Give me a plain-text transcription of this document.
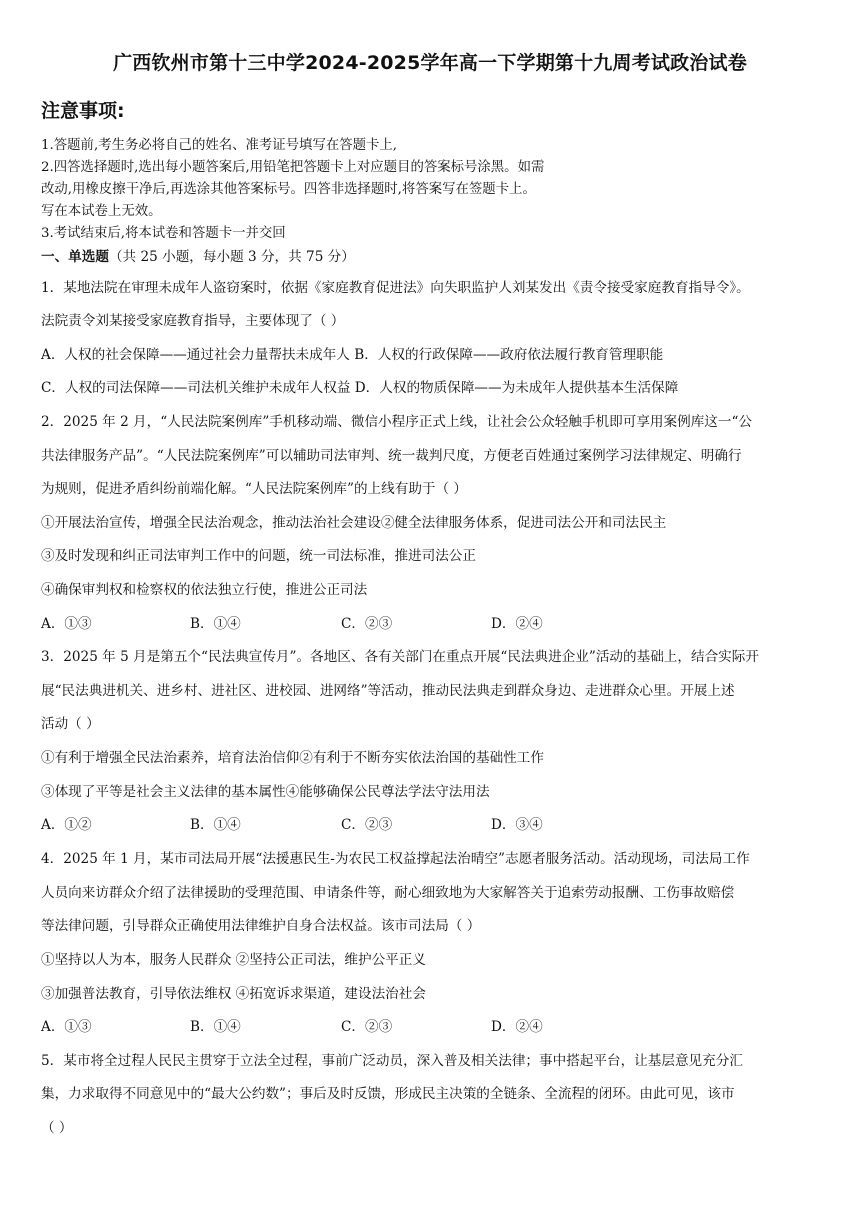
广西钦州市第十三中学2024-2025学年高一下学期第十九周考试政治试卷
注意事项:
1.答题前,考生务必将自己的姓名、准考证号填写在答题卡上,
2.四答选择题时,选出每小题答案后,用铅笔把答题卡上对应题目的答案标号涂黑。如需
改动,用橡皮擦干净后,再选涂其他答案标号。四答非选择题时,将答案写在签题卡上。
写在本试卷上无效。
3.考试结束后,将本试卷和答题卡一并交回
一、单选题（共 25 小题，每小题 3 分，共 75 分）
1．某地法院在审理未成年人盗窃案时，依据《家庭教育促进法》向失职监护人刘某发出《责令接受家庭教育指导令》。
法院责令刘某接受家庭教育指导，主要体现了（ ）
A．人权的社会保障——通过社会力量帮扶未成年人 B．人权的行政保障——政府依法履行教育管理职能
C．人权的司法保障——司法机关维护未成年人权益 D．人权的物质保障——为未成年人提供基本生活保障
2．2025 年 2 月，“人民法院案例库”手机移动端、微信小程序正式上线，让社会公众轻触手机即可享用案例库这一“公
共法律服务产品”。“人民法院案例库”可以辅助司法审判、统一裁判尺度，方便老百姓通过案例学习法律规定、明确行
为规则，促进矛盾纠纷前端化解。“人民法院案例库”的上线有助于（ ）
①开展法治宣传，增强全民法治观念，推动法治社会建设②健全法律服务体系，促进司法公开和司法民主
③及时发现和纠正司法审判工作中的问题，统一司法标准，推进司法公正
④确保审判权和检察权的依法独立行使，推进公正司法
A．①③	B．①④	C．②③	D．②④
3．2025 年 5 月是第五个“民法典宣传月”。各地区、各有关部门在重点开展“民法典进企业”活动的基础上，结合实际开
展“民法典进机关、进乡村、进社区、进校园、进网络”等活动，推动民法典走到群众身边、走进群众心里。开展上述
活动（ ）
①有利于增强全民法治素养，培育法治信仰②有利于不断夯实依法治国的基础性工作
③体现了平等是社会主义法律的基本属性④能够确保公民尊法学法守法用法
A．①②	B．①④	C．②③	D．③④
4．2025 年 1 月，某市司法局开展“法援惠民生-为农民工权益撑起法治晴空”志愿者服务活动。活动现场，司法局工作
人员向来访群众介绍了法律援助的受理范围、申请条件等，耐心细致地为大家解答关于追索劳动报酬、工伤事故赔偿
等法律问题，引导群众正确使用法律维护自身合法权益。该市司法局（ ）
①坚持以人为本，服务人民群众 ②坚持公正司法，维护公平正义
③加强普法教育，引导依法维权 ④拓宽诉求渠道，建设法治社会
A．①③	B．①④	C．②③	D．②④
5．某市将全过程人民民主贯穿于立法全过程，事前广泛动员，深入普及相关法律；事中搭起平台，让基层意见充分汇
集，力求取得不同意见中的“最大公约数”；事后及时反馈，形成民主决策的全链条、全流程的闭环。由此可见，该市
（ ）
